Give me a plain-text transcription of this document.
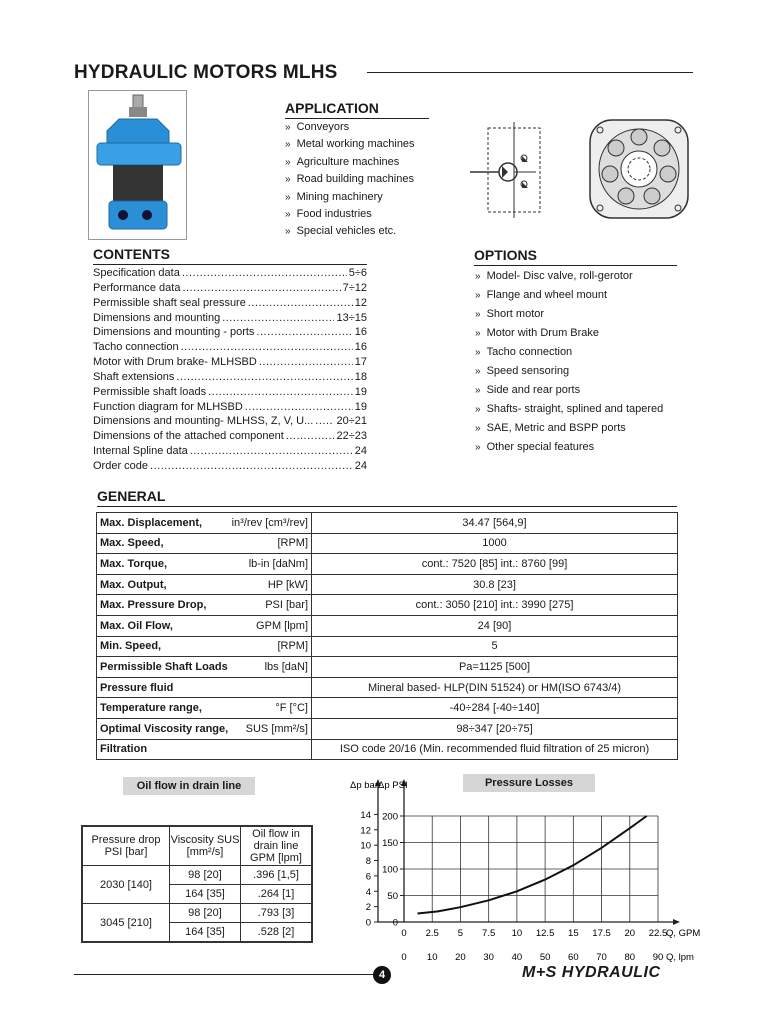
HYDRAULIC MOTORS MLHS
APPLICATION
» Conveyors
» Metal working machines
» Agriculture machines
» Road building machines
» Mining machinery
» Food industries
» Special vehicles etc.
CONTENTS
Specification data .....	5÷6
Performance data .....	7÷12
Permissible shaft seal pressure .....	12
Dimensions and mounting .....	13÷15
Dimensions and mounting - ports .....	16
Tacho connection .....	16
Motor with Drum brake- MLHSBD .....	17
Shaft extensions .....	18
Permissible shaft loads .....	19
Function diagram for MLHSBD .....	19
Dimensions and mounting- MLHSS, Z, V, U... ..... 20÷21
Dimensions of the attached component .....	22÷23
Internal Spline data .....	24
Order code .....	24
OPTIONS
» Model- Disc valve, roll-gerotor
» Flange and wheel mount
» Short motor
» Motor with Drum Brake
» Tacho connection
» Speed sensoring
» Side and rear ports
» Shafts- straight, splined and tapered
» SAE, Metric and BSPP ports
» Other special features
GENERAL
Max. Displacement, in³/rev [cm³/rev]	34.47 [564,9]

Max. Speed, [RPM]	1000

Max. Torque, lb-in [daNm]	cont.: 7520 [85] int.: 8760 [99]

Max. Output, HP [kW]	30.8 [23]

Max. Pressure Drop, PSI [bar]	cont.: 3050 [210] int.: 3990 [275]

Max. Oil Flow, GPM [lpm]	24 [90]

Min. Speed, [RPM]	5

Permissible Shaft Loads lbs [daN]	Pa=1125 [500]

Pressure fluid	Mineral based- HLP(DIN 51524) or HM(ISO 6743/4)

Temperature range, °F [°C]	-40÷284 [-40÷140]

Optimal Viscosity range, SUS [mm²/s]	98÷347 [20÷75]

Filtration	ISO code 20/16 (Min. recommended fluid filtration of 25 micron)
Oil flow in drain line
Pressure drop PSI [bar]	Viscosity SUS [mm²/s]	Oil flow in drain line GPM [lpm]
2030 [140]	98 [20]	.396 [1,5]
	164 [35]	.264 [1]
3045 [210]	98 [20]	.793 [3]
	164 [35]	.528 [2]
Pressure Losses
0
2
4
6
8
10
12
14
0
50
100
150
200
0 2.5 5 7.5 10 12.5 15 17.5 20 22.5
0 10 20 30 40 50 60 70 80 90
Q, GPM
Q, lpm
Δp bar Δp PSI
4	M+S HYDRAULIC
